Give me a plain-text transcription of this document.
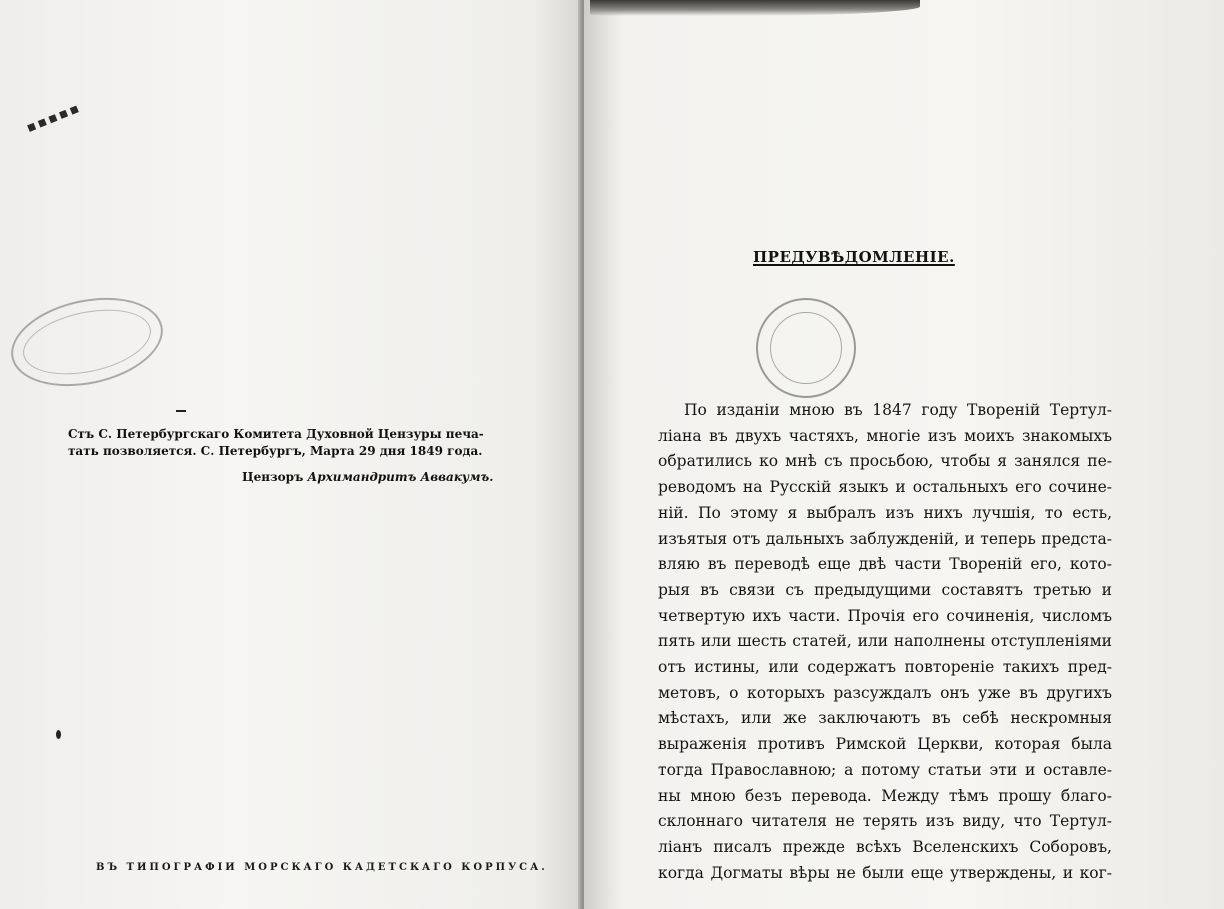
▪▪▪▪▪
Стъ С. Петербургскаго Комитета Духовной Цензуры печа-
тать позволяется. С. Петербургъ, Марта 29 дня 1849 года.
Цензоръ Архимандритъ Аввакумъ.
ВЪ ТИПОГРАФІИ МОРСКАГО КАДЕТСКАГО КОРПУСА.
ПРЕДУВѢДОМЛЕНІЕ.
По изданіи мною въ 1847 году Твореній Тертул-
ліана въ двухъ частяхъ, многіе изъ моихъ знакомыхъ
обратились ко мнѣ съ просьбою, чтобы я занялся пе-
реводомъ на Русскій языкъ и остальныхъ его сочине-
ній. По этому я выбралъ изъ нихъ лучшія, то есть,
изъятыя отъ дальныхъ заблужденій, и теперь предста-
вляю въ переводѣ еще двѣ части Твореній его, кото-
рыя въ связи съ предыдущими составятъ третью и
четвертую ихъ части. Прочія его сочиненія, числомъ
пять или шесть статей, или наполнены отступленіями
отъ истины, или содержатъ повтореніе такихъ пред-
метовъ, о которыхъ разсуждалъ онъ уже въ другихъ
мѣстахъ, или же заключаютъ въ себѣ нескромныя
выраженія противъ Римской Церкви, которая была
тогда Православною; а потому статьи эти и оставле-
ны мною безъ перевода. Между тѣмъ прошу благо-
склоннаго читателя не терять изъ виду, что Тертул-
ліанъ писалъ прежде всѣхъ Вселенскихъ Соборовъ,
когда Догматы вѣры не были еще утверждены, и ког-
